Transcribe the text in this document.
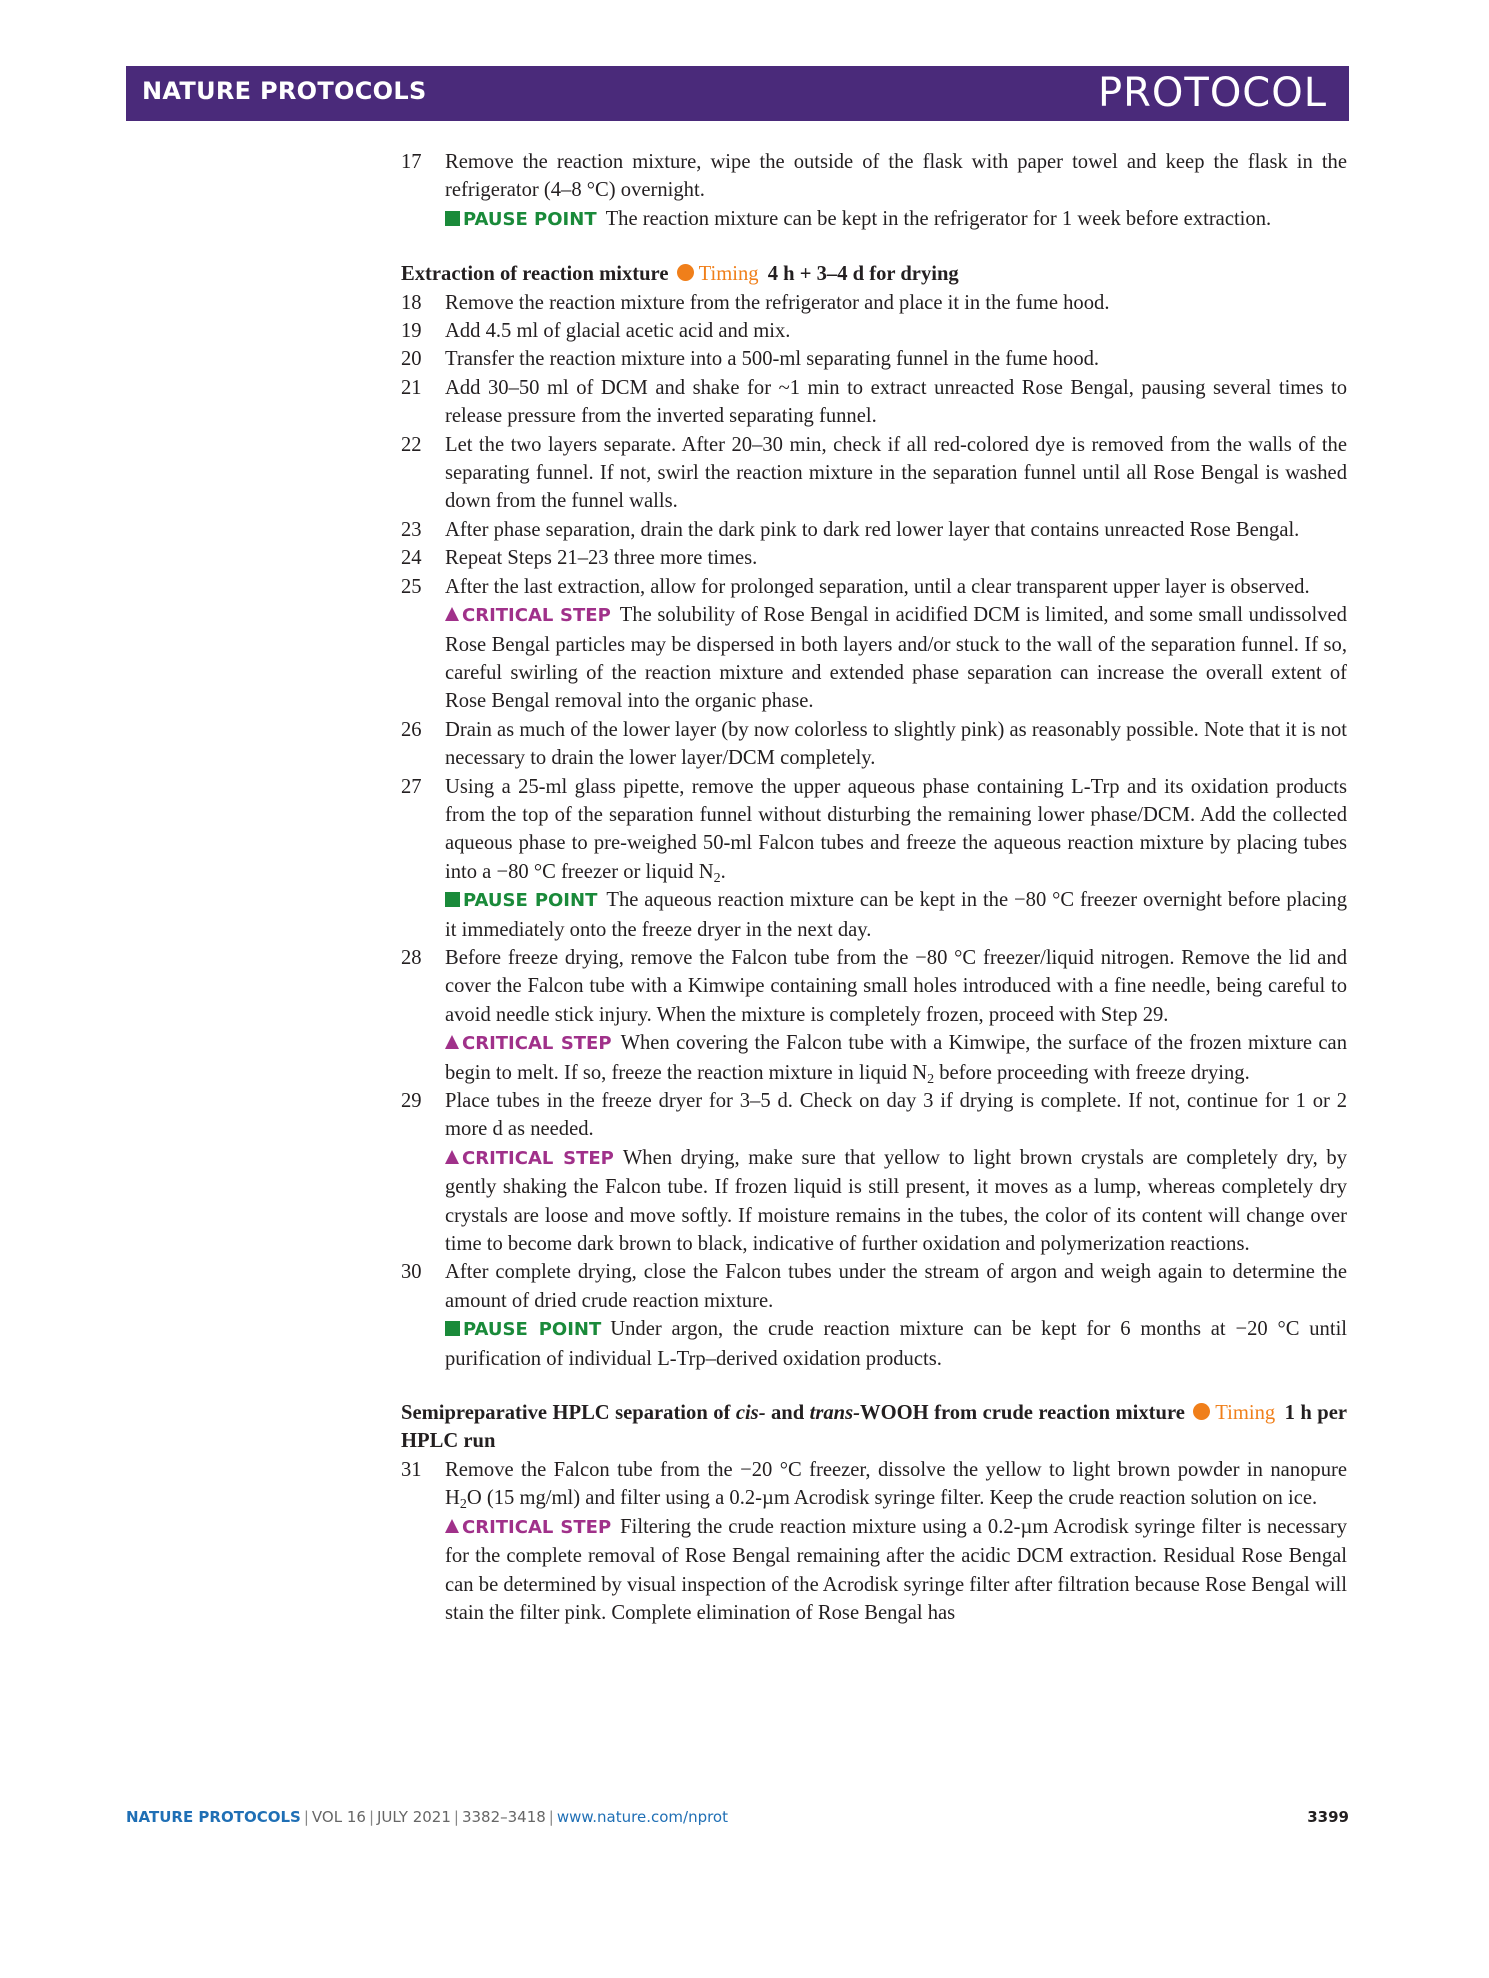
NATURE PROTOCOLS	PROTOCOL
17 Remove the reaction mixture, wipe the outside of the flask with paper towel and keep the flask in the refrigerator (4–8 °C) overnight.

PAUSE POINT The reaction mixture can be kept in the refrigerator for 1 week before extraction.

Extraction of reaction mixture Timing 4 h + 3–4 d for drying
18 Remove the reaction mixture from the refrigerator and place it in the fume hood.

19 Add 4.5 ml of glacial acetic acid and mix.

20 Transfer the reaction mixture into a 500-ml separating funnel in the fume hood.

21 Add 30–50 ml of DCM and shake for ~1 min to extract unreacted Rose Bengal, pausing several times to release pressure from the inverted separating funnel.

22 Let the two layers separate. After 20–30 min, check if all red-colored dye is removed from the walls of the separating funnel. If not, swirl the reaction mixture in the separation funnel until all Rose Bengal is washed down from the funnel walls.

23 After phase separation, drain the dark pink to dark red lower layer that contains unreacted Rose Bengal.

24 Repeat Steps 21–23 three more times.

25 After the last extraction, allow for prolonged separation, until a clear transparent upper layer is observed.

CRITICAL STEP The solubility of Rose Bengal in acidified DCM is limited, and some small undissolved Rose Bengal particles may be dispersed in both layers and/or stuck to the wall of the separation funnel. If so, careful swirling of the reaction mixture and extended phase separation can increase the overall extent of Rose Bengal removal into the organic phase.

26 Drain as much of the lower layer (by now colorless to slightly pink) as reasonably possible. Note that it is not necessary to drain the lower layer/DCM completely.

27 Using a 25-ml glass pipette, remove the upper aqueous phase containing L-Trp and its oxidation products from the top of the separation funnel without disturbing the remaining lower phase/DCM. Add the collected aqueous phase to pre-weighed 50-ml Falcon tubes and freeze the aqueous reaction mixture by placing tubes into a −80 °C freezer or liquid $N_2$.

PAUSE POINT The aqueous reaction mixture can be kept in the −80 °C freezer overnight before placing it immediately onto the freeze dryer in the next day.

28 Before freeze drying, remove the Falcon tube from the −80 °C freezer/liquid nitrogen. Remove the lid and cover the Falcon tube with a Kimwipe containing small holes introduced with a fine needle, being careful to avoid needle stick injury. When the mixture is completely frozen, proceed with Step 29.

CRITICAL STEP When covering the Falcon tube with a Kimwipe, the surface of the frozen mixture can begin to melt. If so, freeze the reaction mixture in liquid $N_2$ before proceeding with freeze drying.

29 Place tubes in the freeze dryer for 3–5 d. Check on day 3 if drying is complete. If not, continue for 1 or 2 more d as needed.

CRITICAL STEP When drying, make sure that yellow to light brown crystals are completely dry, by gently shaking the Falcon tube. If frozen liquid is still present, it moves as a lump, whereas completely dry crystals are loose and move softly. If moisture remains in the tubes, the color of its content will change over time to become dark brown to black, indicative of further oxidation and polymerization reactions.

30 After complete drying, close the Falcon tubes under the stream of argon and weigh again to determine the amount of dried crude reaction mixture.

PAUSE POINT Under argon, the crude reaction mixture can be kept for 6 months at −20 °C until purification of individual L-Trp–derived oxidation products.

Semipreparative HPLC separation of cis- and trans-WOOH from crude reaction mixture Timing 1 h per HPLC run
31 Remove the Falcon tube from the −20 °C freezer, dissolve the yellow to light brown powder in nanopure $H_2O$ (15 mg/ml) and filter using a 0.2-µm Acrodisk syringe filter. Keep the crude reaction solution on ice.

CRITICAL STEP Filtering the crude reaction mixture using a 0.2-µm Acrodisk syringe filter is necessary for the complete removal of Rose Bengal remaining after the acidic DCM extraction. Residual Rose Bengal can be determined by visual inspection of the Acrodisk syringe filter after filtration because Rose Bengal will stain the filter pink. Complete elimination of Rose Bengal has

NATURE PROTOCOLS | VOL 16 | JULY 2021 | 3382–3418 | www.nature.com/nprot	3399
